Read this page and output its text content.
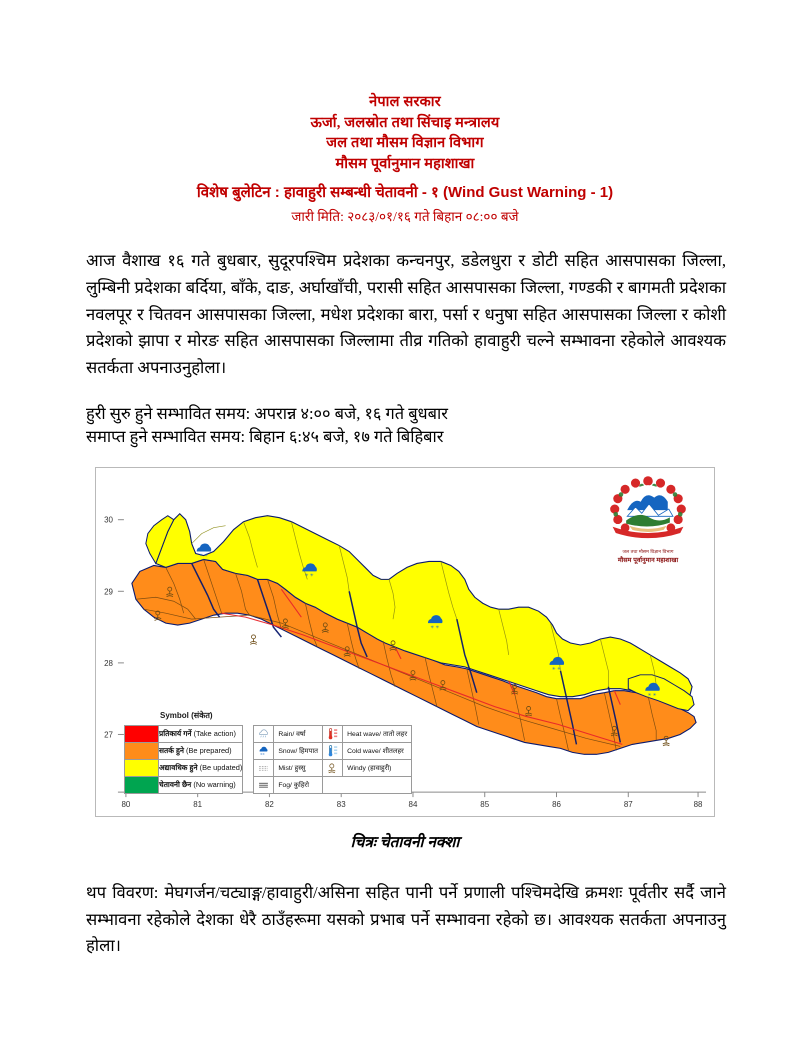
नेपाल सरकार
ऊर्जा, जलस्रोत तथा सिंचाइ मन्त्रालय
जल तथा मौसम विज्ञान विभाग
मौसम पूर्वानुमान महाशाखा
विशेष बुलेटिन : हावाहुरी सम्बन्धी चेतावनी - १ (Wind Gust Warning - 1)
जारी मिति: २०८३/०१/१६ गते बिहान ०८:०० बजे
आज वैशाख १६ गते बुधबार, सुदूरपश्चिम प्रदेशका कन्चनपुर, डडेलधुरा र डोटी सहित आसपासका जिल्ला, लुम्बिनी प्रदेशका बर्दिया, बाँके, दाङ, अर्घाखाँची, परासी सहित आसपासका जिल्ला, गण्डकी र बागमती प्रदेशका नवलपूर र चितवन आसपासका जिल्ला, मधेश प्रदेशका बारा, पर्सा र धनुषा सहित आसपासका जिल्ला र कोशी प्रदेशको झापा र मोरङ सहित आसपासका जिल्लामा तीव्र गतिको हावाहुरी चल्ने सम्भावना रहेकोले आवश्यक सतर्कता अपनाउनुहोला।
हुरी सुरु हुने सम्भावित समय: अपरान्न ४:०० बजे, १६ गते बुधबार
समाप्त हुने सम्भावित समय: बिहान ६:४५ बजे, १७ गते बिहिबार
✳
80	81	82	83	84	85	86	87	88
27
28
29
30
जल तथा मौसम विज्ञान विभाग
मौसम पूर्वानुमान महाशाखा
Symbol (संकेत)
	प्रतिकार्य गर्ने (Take action)
	सतर्क हुने (Be prepared)
	अद्यावधिक हुने (Be updated)
	चेतावनी छैन (No warning)
	Rain/ वर्षा		Heat wave/ तातो लहर

✳✳	Snow/ हिमपात		Cold wave/ शीतलहर

	Mist/ हुस्सु		Windy (हावाहुरी)

	Fog/ कुहिरो		
चित्रः चेतावनी नक्शा
थप विवरण: मेघगर्जन/चट्याङ्ग/हावाहुरी/असिना सहित पानी पर्ने प्रणाली पश्चिमदेखि क्रमशः पूर्वतीर सर्दै जाने सम्भावना रहेकोले देशका धेरै ठाउँहरूमा यसको प्रभाब पर्ने सम्भावना रहेको छ। आवश्यक सतर्कता अपनाउनु होला।
